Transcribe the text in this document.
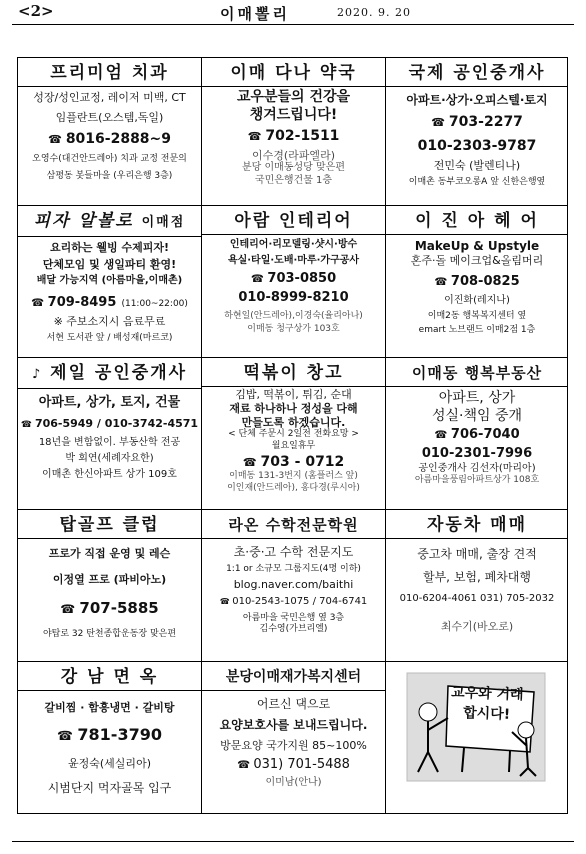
<2>	이매뽈리	2020. 9. 20
프리미엄 치과
성장/성인교정, 레이저 미백, CT
임플란트(오스템,독일)
☎ 8016-2888~9
오영수(대건안드레아) 치과 교정 전문의
삼평동 봇들마을 (우리은행 3층)
이매 다나 약국
교우분들의 건강을
챙겨드립니다!
☎ 702-1511
이수경(라파엘라)
분당 이매동성당 맞은편
국민은행건물 1층
국제 공인중개사
아파트·상가·오피스텔·토지
☎ 703-2277
010-2303-9787
전민숙 (발렌티나)
이매촌 동부코오롱A 앞 신한은행옆
피자 알볼로 이매점
요리하는 웰빙 수제피자!
단체모임 및 생일파티 환영!
배달 가능지역 (아름마을,이매촌)
☎ 709-8495 (11:00~22:00)
※ 주보소지시 음료무료
서현 도서관 앞 / 배성재(마르코)
아람 인테리어
인테리어·리모델링·샷시·방수
욕실·타일·도배·마루·가구공사
☎ 703-0850
010-8999-8210
하현일(안드레아),이경숙(율리아나)
이매동 청구상가 103호
이 진 아 헤 어
MakeUp & Upstyle
혼주·돌 메이크업&올림머리
☎ 708-0825
이진화(레지나)
이매2동 행복복지센터 옆
emart 노브랜드 이매2점 1층
♪ 제일 공인중개사
아파트, 상가, 토지, 건물
☎ 706-5949 / 010-3742-4571
18년을 변함없이. 부동산학 전공
박 회연(세례자요한)
이매촌 한신아파트 상가 109호
떡볶이 창고
김밥, 떡볶이, 튀김, 순대
재료 하나하나 정성을 다해
만들도록 하겠습니다.
< 단체 주문시 2일전 전화요망 >
월요일휴무
☎ 703 - 0712
이매동 131-3번지 (홈플러스 앞)
이인재(안드레아), 홍다경(루시아)
이매동 행복부동산
아파트, 상가
성실·책임 중개
☎ 706-7040
010-2301-7996
공인중개사 김선자(마리아)
아름마을풍림아파트상가 108호
탑골프 클럽
프로가 직접 운영 및 레슨
이정열 프로 (파비아노)
☎ 707-5885
야탑로 32 탄천종합운동장 맞은편
라온 수학전문학원
초·중·고 수학 전문지도
1:1 or 소규모 그룹지도(4명 이하)
blog.naver.com/baithi
☎ 010-2543-1075 / 704-6741
아름마을 국민은행 옆 3층
김수영(가브리엘)
자동차 매매
중고차 매매, 출장 견적
할부, 보험, 폐차대행
010-6204-4061 031) 705-2032
최수기(바오로)
강 남 면 옥
갈비찜 · 함흥냉면 · 갈비탕
☎ 781-3790
윤정숙(세실리아)
시범단지 먹자골목 입구
분당이매재가복지센터
어르신 댁으로
요양보호사를 보내드립니다.
방문요양 국가지원 85~100%
☎ 031) 701-5488
이미남(안나)
교우와 거래 합시다!
